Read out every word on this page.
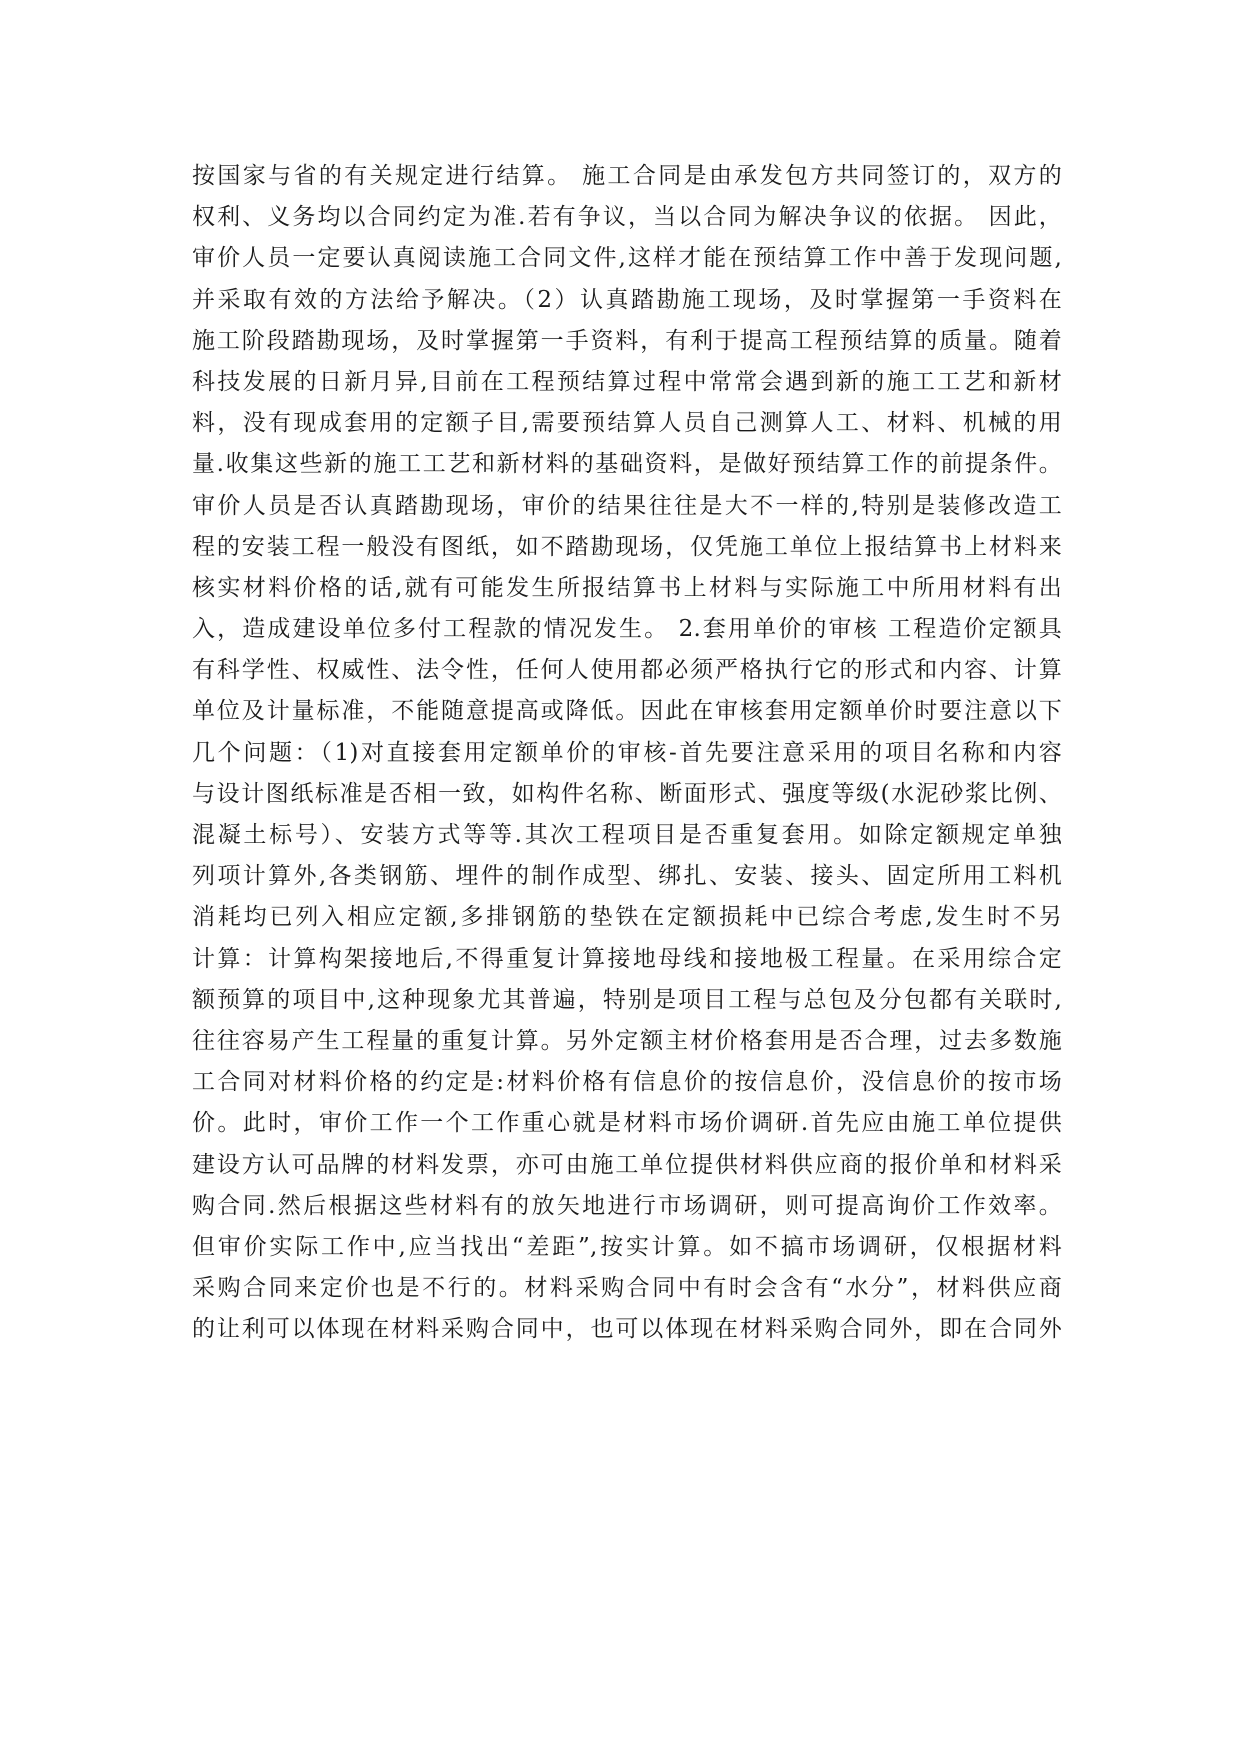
按国家与省的有关规定进行结算。 施工合同是由承发包方共同签订的，双方的
权利、义务均以合同约定为准.若有争议，当以合同为解决争议的依据。 因此，
审价人员一定要认真阅读施工合同文件,这样才能在预结算工作中善于发现问题,
并采取有效的方法给予解决。（2）认真踏勘施工现场，及时掌握第一手资料在
施工阶段踏勘现场，及时掌握第一手资料，有利于提高工程预结算的质量。随着
科技发展的日新月异,目前在工程预结算过程中常常会遇到新的施工工艺和新材
料，没有现成套用的定额子目,需要预结算人员自己测算人工、材料、机械的用
量.收集这些新的施工工艺和新材料的基础资料，是做好预结算工作的前提条件。
审价人员是否认真踏勘现场，审价的结果往往是大不一样的,特别是装修改造工
程的安装工程一般没有图纸，如不踏勘现场，仅凭施工单位上报结算书上材料来
核实材料价格的话,就有可能发生所报结算书上材料与实际施工中所用材料有出
入，造成建设单位多付工程款的情况发生。 2.套用单价的审核 工程造价定额具
有科学性、权威性、法令性，任何人使用都必须严格执行它的形式和内容、计算
单位及计量标准，不能随意提高或降低。因此在审核套用定额单价时要注意以下
几个问题：（1)对直接套用定额单价的审核-首先要注意采用的项目名称和内容
与设计图纸标准是否相一致，如构件名称、断面形式、强度等级(水泥砂浆比例、
混凝土标号）、安装方式等等.其次工程项目是否重复套用。如除定额规定单独
列项计算外,各类钢筋、埋件的制作成型、绑扎、安装、接头、固定所用工料机
消耗均已列入相应定额,多排钢筋的垫铁在定额损耗中已综合考虑,发生时不另
计算：计算构架接地后,不得重复计算接地母线和接地极工程量。在采用综合定
额预算的项目中,这种现象尤其普遍，特别是项目工程与总包及分包都有关联时,
往往容易产生工程量的重复计算。另外定额主材价格套用是否合理，过去多数施
工合同对材料价格的约定是:材料价格有信息价的按信息价，没信息价的按市场
价。此时，审价工作一个工作重心就是材料市场价调研.首先应由施工单位提供
建设方认可品牌的材料发票，亦可由施工单位提供材料供应商的报价单和材料采
购合同.然后根据这些材料有的放矢地进行市场调研，则可提高询价工作效率。
但审价实际工作中,应当找出“差距”,按实计算。如不搞市场调研，仅根据材料
采购合同来定价也是不行的。材料采购合同中有时会含有“水分”，材料供应商
的让利可以体现在材料采购合同中，也可以体现在材料采购合同外，即在合同外
